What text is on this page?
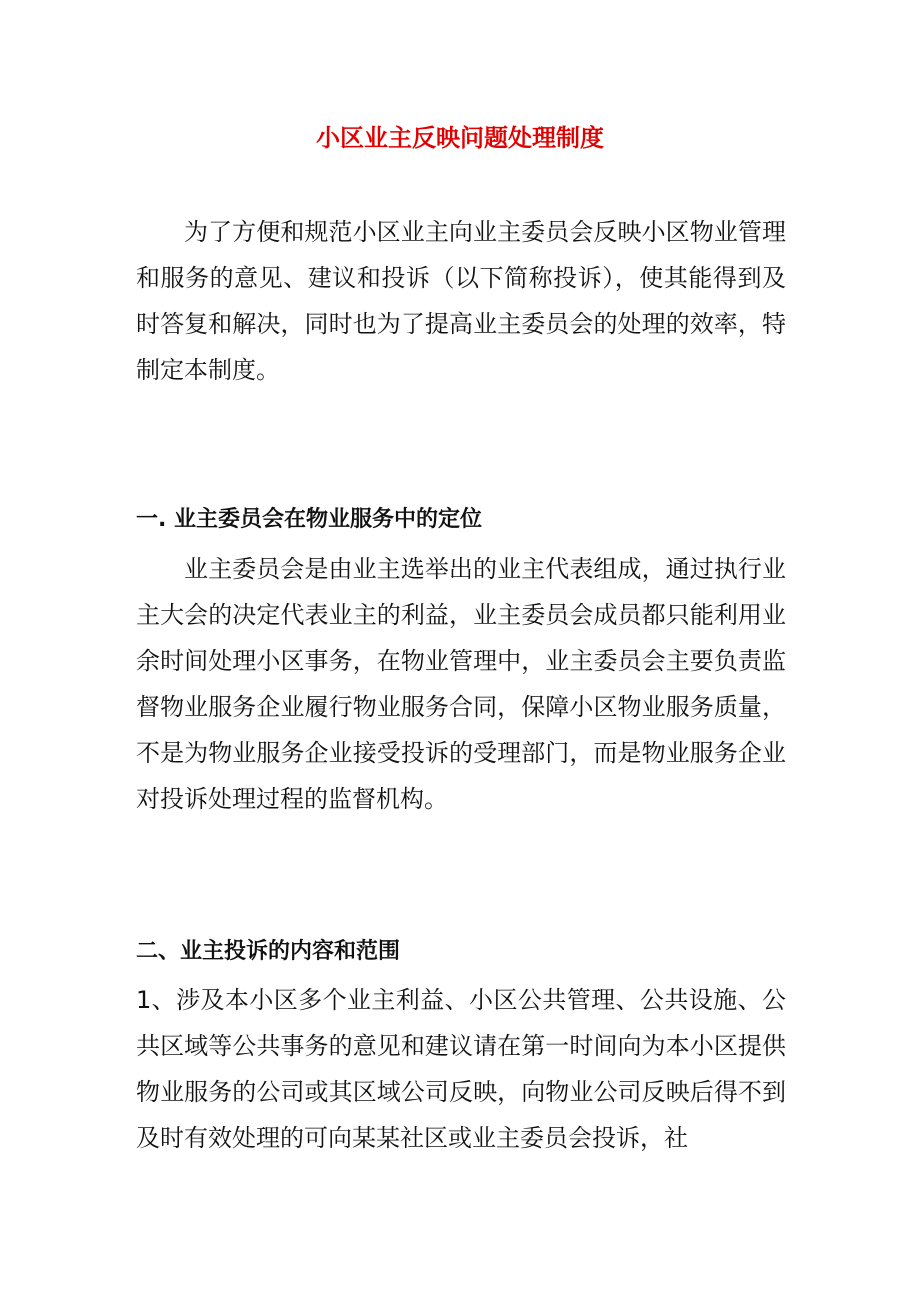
小区业主反映问题处理制度

为了方便和规范小区业主向业主委员会反映小区物业管理和服务的意见、建议和投诉（以下简称投诉），使其能得到及时答复和解决，同时也为了提高业主委员会的处理的效率，特制定本制度。

一. 业主委员会在物业服务中的定位

业主委员会是由业主选举出的业主代表组成，通过执行业主大会的决定代表业主的利益，业主委员会成员都只能利用业余时间处理小区事务，在物业管理中，业主委员会主要负责监督物业服务企业履行物业服务合同，保障小区物业服务质量，不是为物业服务企业接受投诉的受理部门，而是物业服务企业对投诉处理过程的监督机构。

二、业主投诉的内容和范围

1、涉及本小区多个业主利益、小区公共管理、公共设施、公共区域等公共事务的意见和建议请在第一时间向为本小区提供物业服务的公司或其区域公司反映，向物业公司反映后得不到及时有效处理的可向某某社区或业主委员会投诉，社
